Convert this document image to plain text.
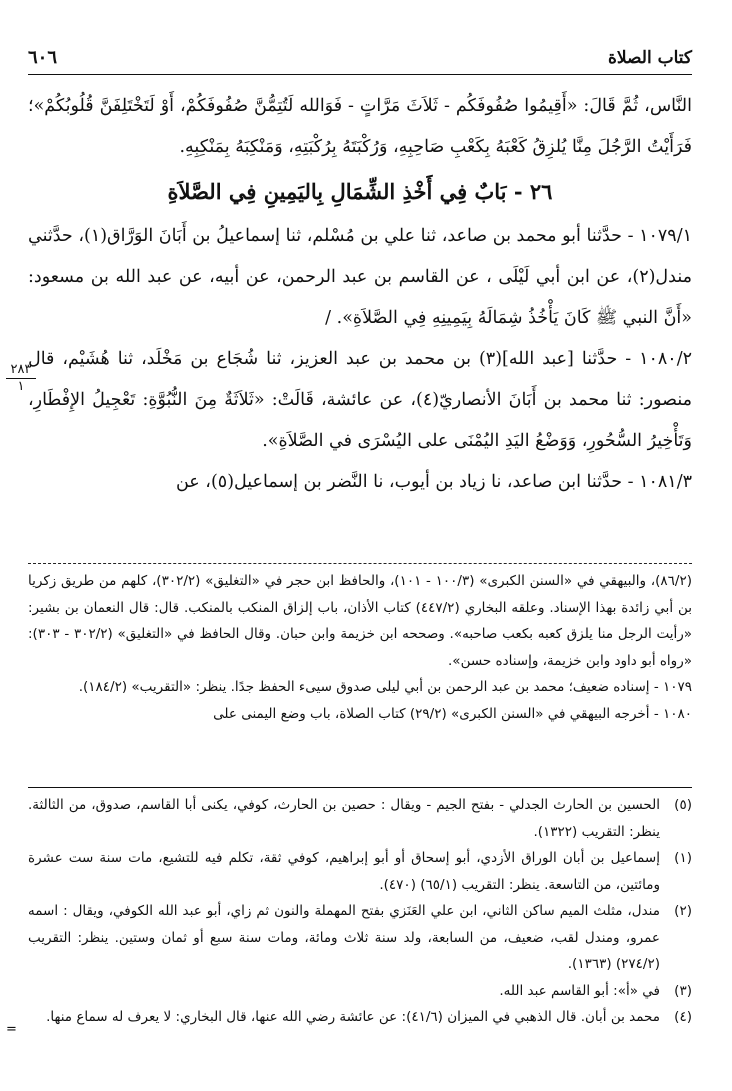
كتاب الصلاة
٦٠٦

النَّاس، ثُمَّ قَالَ: «أَقِيمُوا صُفُوفَكُم - ثَلاَثَ مَرَّاتٍ - فَوَالله لَتُتِمُّنَّ صُفُوفَكُمْ، أَوْ لَتَخْتَلِفَنَّ قُلُوبُكُمْ»؛ فَرَأَيْتُ الرَّجُلَ مِنَّا يُلزِقُ كَعْبَهُ بِكَعْبِ صَاحِبِهِ، وَرُكْبَتَهُ بِرُكْبَتِهِ، وَمَنْكِبَهُ بِمَنْكِبِهِ.

٢٦ - بَابٌ فِي أَخْذِ الشِّمَالِ بِاليَمِينِ فِي الصَّلاَةِ

١٠٧٩/١ - حدَّثنا أبو محمد بن صاعد، ثنا علي بن مُسْلم، ثنا إسماعيلُ بن أَبَانَ الوَرَّاق(١)، حدَّثني مندل(٢)، عن ابن أبي لَيْلَى ، عن القاسم بن عبد الرحمن، عن أبيه، عن عبد الله بن مسعود: «أَنَّ النبي ﷺ كَانَ يَأْخُذُ شِمَالَهُ بِيَمِينِهِ فِي الصَّلاَةِ». /

١٠٨٠/٢ - حدَّثنا [عبد الله](٣) بن محمد بن عبد العزيز، ثنا شُجَاع بن مَخْلَد، ثنا هُشَيْم، قال منصور: ثنا محمد بن أَبَانَ الأنصاريّ(٤)، عن عائشة، قَالَتْ: «ثَلاَثَةٌ مِنَ النُّبُوَّةِ: تَعْجِيلُ الإِفْطَارِ، وَتَأْخِيرُ السُّحُورِ، وَوَضْعُ اليَدِ اليُمْنَى على اليُسْرَى في الصَّلاَةِ».

١٠٨١/٣ - حدَّثنا ابن صاعد، نا زياد بن أيوب، نا النَّضر بن إسماعيل(٥)، عن

٢٨٣
١

(٨٦/٢)، والبيهقي في «السنن الكبرى» (١٠٠/٣ - ١٠١)، والحافظ ابن حجر في «التغليق» (٣٠٢/٢)، كلهم من طريق زكريا بن أبي زائدة بهذا الإسناد. وعلقه البخاري (٤٤٧/٢) كتاب الأذان، باب إلزاق المنكب بالمنكب. قال: قال النعمان بن بشير: «رأيت الرجل منا يلزق كعبه بكعب صاحبه». وصححه ابن خزيمة وابن حبان. وقال الحافظ في «التغليق» (٣٠٢/٢ - ٣٠٣): «رواه أبو داود وابن خزيمة، وإسناده حسن».

١٠٧٩ - إسناده ضعيف؛ محمد بن عبد الرحمن بن أبي ليلى صدوق سيىء الحفظ جدًا. ينظر: «التقريب» (١٨٤/٢).

١٠٨٠ - أخرجه البيهقي في «السنن الكبرى» (٢٩/٢) كتاب الصلاة، باب وضع اليمنى على

(٥)
الحسين بن الحارث الجدلي - بفتح الجيم - ويقال : حصين بن الحارث، كوفي، يكنى أبا القاسم، صدوق، من الثالثة. ينظر: التقريب (١٣٢٢).
(١)
إسماعيل بن أبان الوراق الأزدي، أبو إسحاق أو أبو إبراهيم، كوفي ثقة، تكلم فيه للتشيع، مات سنة ست عشرة ومائتين، من التاسعة. ينظر: التقريب (٦٥/١) (٤٧٠).
(٢)
مندل، مثلث الميم ساكن الثاني، ابن علي العَنَزي بفتح المهملة والنون ثم زاي، أبو عبد الله الكوفي، ويقال : اسمه عمرو، ومندل لقب، ضعيف، من السابعة، ولد سنة ثلاث ومائة، ومات سنة سبع أو ثمان وستين. ينظر: التقريب (٢٧٤/٢) (١٣٦٣).
(٣)
في «أ»: أبو القاسم عبد الله.
(٤)
محمد بن أبان. قال الذهبي في الميزان (٤١/٦): عن عائشة رضي الله عنها، قال البخاري: لا يعرف له سماع منها.
=
